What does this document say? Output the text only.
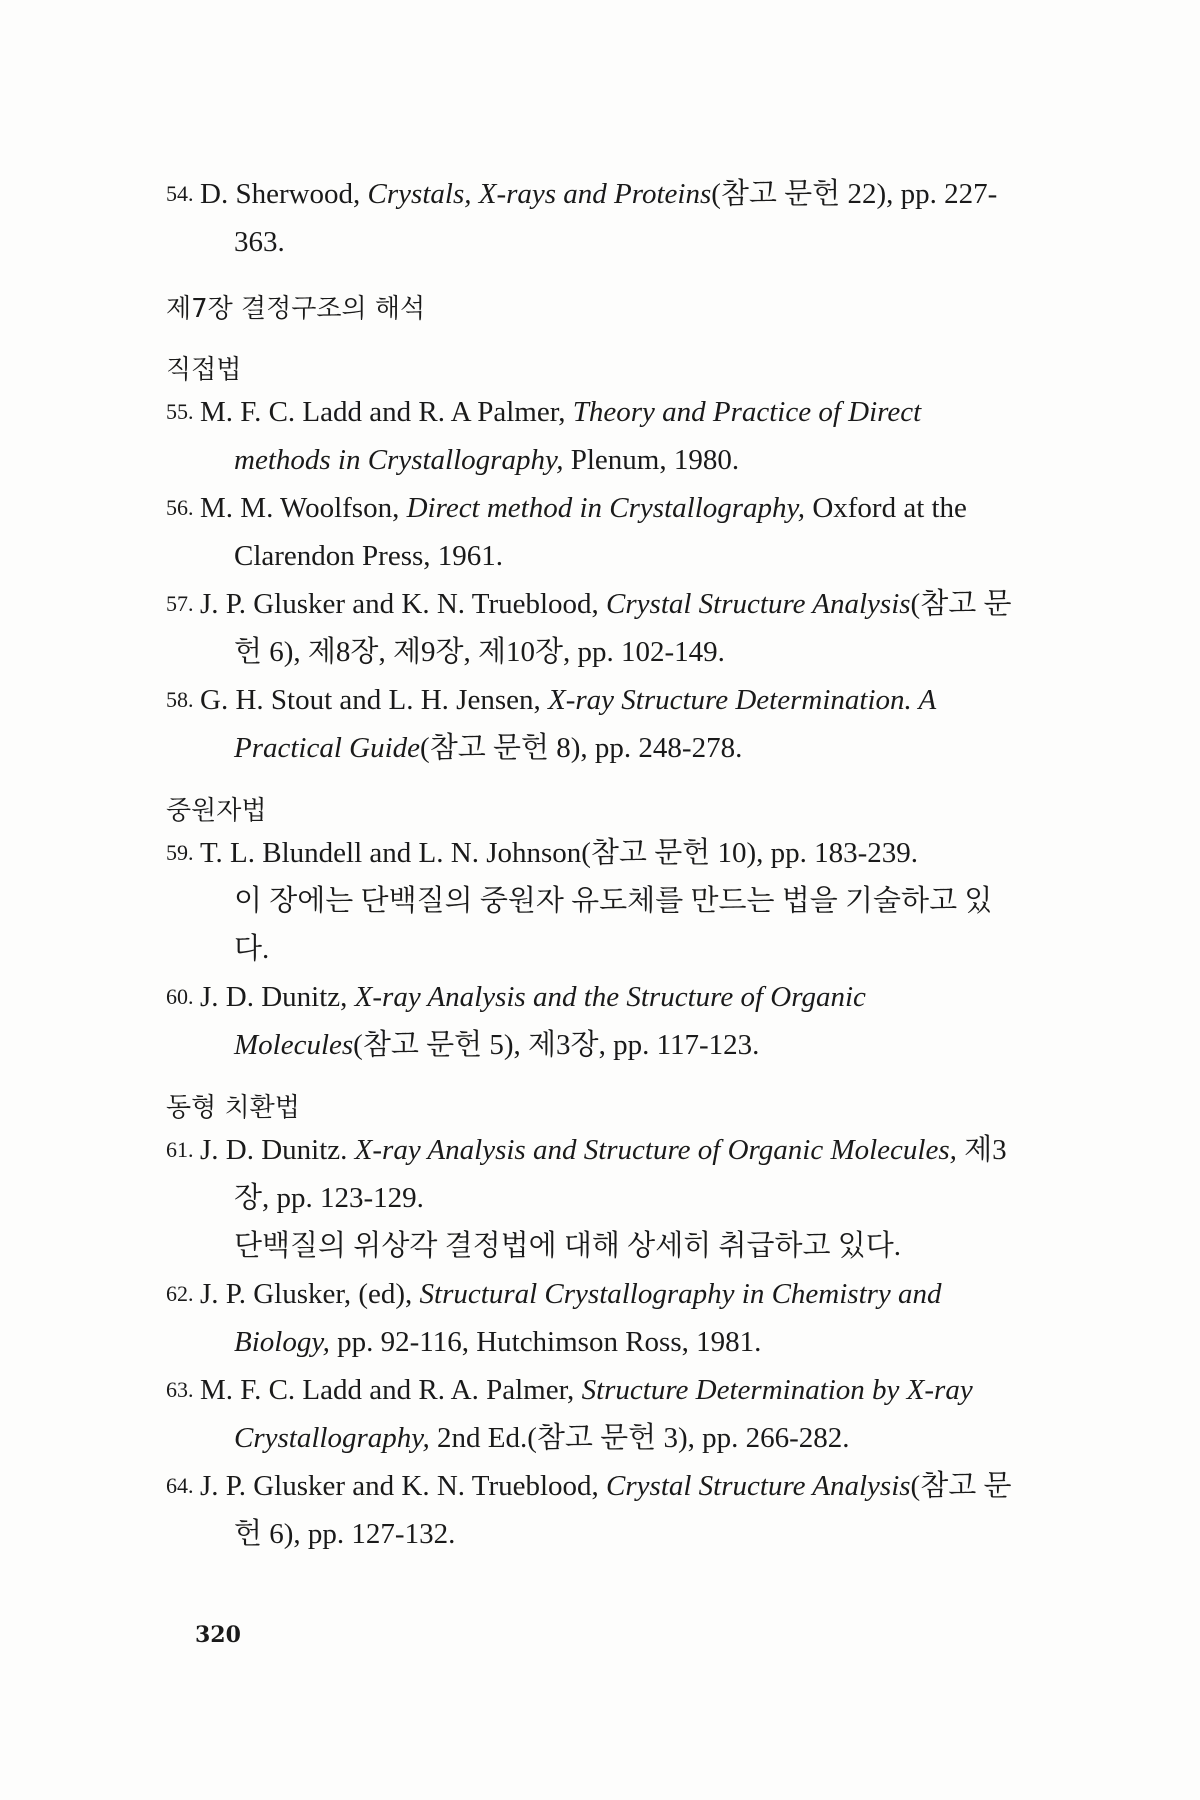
54. D. Sherwood, Crystals, X-rays and Proteins(참고 문헌 22), pp. 227-363.

제7장 결정구조의 해석

직접법

55. M. F. C. Ladd and R. A Palmer, Theory and Practice of Direct methods in Crystallography, Plenum, 1980.

56. M. M. Woolfson, Direct method in Crystallography, Oxford at the Clarendon Press, 1961.

57. J. P. Glusker and K. N. Trueblood, Crystal Structure Analysis(참고 문헌 6), 제8장, 제9장, 제10장, pp. 102-149.

58. G. H. Stout and L. H. Jensen, X-ray Structure Determination. A Practical Guide(참고 문헌 8), pp. 248-278.

중원자법

59. T. L. Blundell and L. N. Johnson(참고 문헌 10), pp. 183-239.
이 장에는 단백질의 중원자 유도체를 만드는 법을 기술하고 있다.

60. J. D. Dunitz, X-ray Analysis and the Structure of Organic Molecules(참고 문헌 5), 제3장, pp. 117-123.

동형 치환법

61. J. D. Dunitz. X-ray Analysis and Structure of Organic Molecules, 제3장, pp. 123-129.
단백질의 위상각 결정법에 대해 상세히 취급하고 있다.

62. J. P. Glusker, (ed), Structural Crystallography in Chemistry and Biology, pp. 92-116, Hutchimson Ross, 1981.

63. M. F. C. Ladd and R. A. Palmer, Structure Determination by X-ray Crystallography, 2nd Ed.(참고 문헌 3), pp. 266-282.

64. J. P. Glusker and K. N. Trueblood, Crystal Structure Analysis(참고 문헌 6), pp. 127-132.

320
